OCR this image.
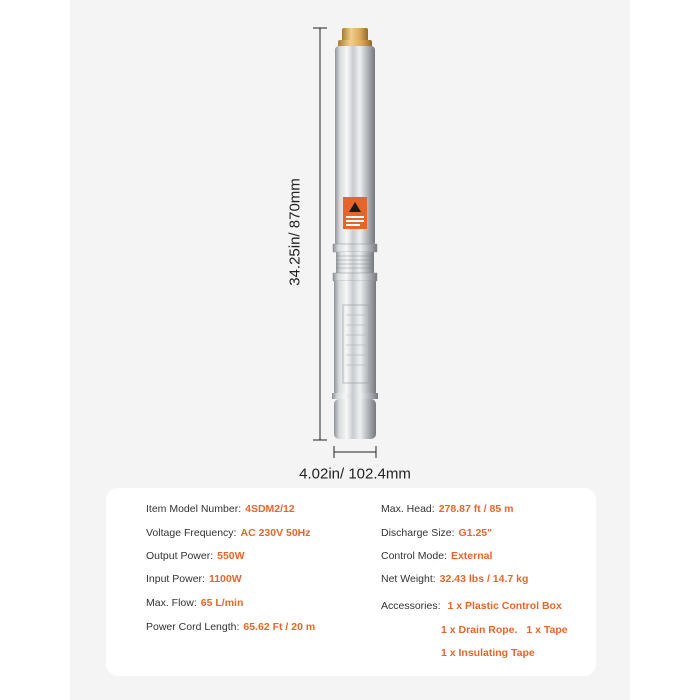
34.25in/ 870mm
4.02in/ 102.4mm
Item Model Number: 4SDM2/12
Voltage Frequency: AC 230V 50Hz
Output Power: 550W
Input Power: 1100W
Max. Flow: 65 L/min
Power Cord Length: 65.62 Ft / 20 m
Max. Head: 278.87 ft / 85 m
Discharge Size: G1.25"
Control Mode: External
Net Weight: 32.43 lbs / 14.7 kg
Accessories: 1 x Plastic Control Box
1 x Drain Rope. 1 x Tape
1 x Insulating Tape
